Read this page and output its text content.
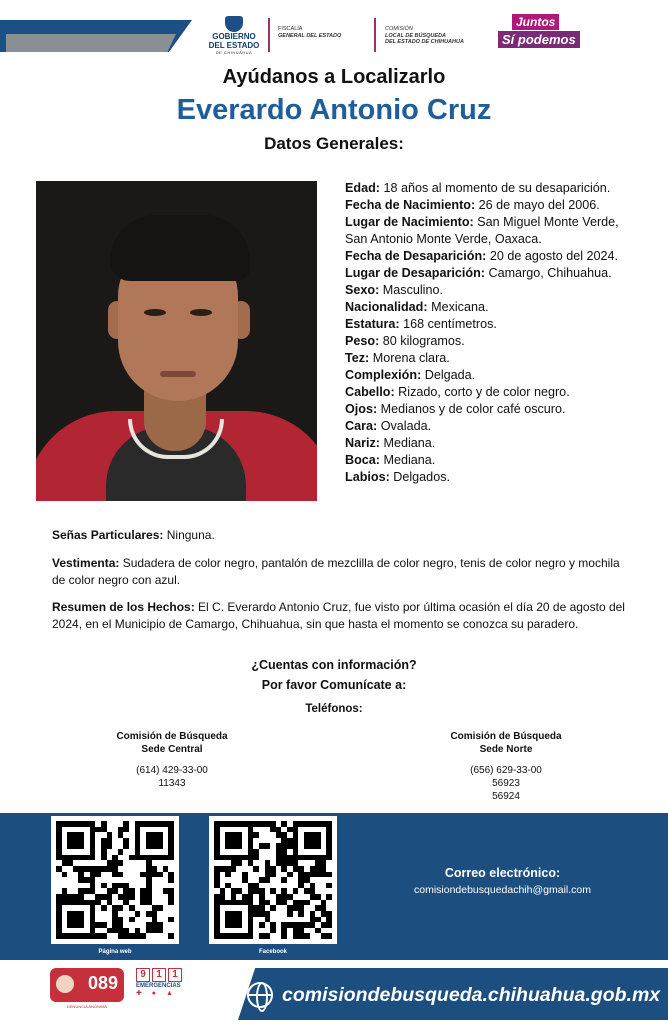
GOBIERNO
DEL ESTADO
DE CHIHUAHUA
FISCALÍA
GENERAL DEL ESTADO
COMISIÓN
LOCAL DE BÚSQUEDA
DEL ESTADO DE CHIHUAHUA
Juntos
Sí podemos
Ayúdanos a Localizarlo
Everardo Antonio Cruz
Datos Generales:
Edad: 18 años al momento de su desaparición.
Fecha de Nacimiento: 26 de mayo del 2006.
Lugar de Nacimiento: San Miguel Monte Verde, San Antonio Monte Verde, Oaxaca.
Fecha de Desaparición: 20 de agosto del 2024.
Lugar de Desaparición: Camargo, Chihuahua.
Sexo: Masculino.
Nacionalidad: Mexicana.
Estatura: 168 centímetros.
Peso: 80 kilogramos.
Tez: Morena clara.
Complexión: Delgada.
Cabello: Rizado, corto y de color negro.
Ojos: Medianos y de color café oscuro.
Cara: Ovalada.
Nariz: Mediana.
Boca: Mediana.
Labios: Delgados.
Señas Particulares: Ninguna.
Vestimenta: Sudadera de color negro, pantalón de mezclilla de color negro, tenis de color negro y mochila de color negro con azul.
Resumen de los Hechos: El C. Everardo Antonio Cruz, fue visto por última ocasión el día 20 de agosto del 2024, en el Municipio de Camargo, Chihuahua, sin que hasta el momento se conozca su paradero.
¿Cuentas con información?
Por favor Comunícate a:
Teléfonos:
Comisión de Búsqueda
Sede Central
(614) 429-33-00
11343
Comisión de Búsqueda
Sede Norte
(656) 629-33-00
56923
56924
Página web	Facebook
Correo electrónico:
comisiondebusquedachih@gmail.com
089
DENUNCIA ANÓNIMA
9	1	1
EMERGENCIAS
✚ ● ▲	comisiondebusqueda.chihuahua.gob.mx
